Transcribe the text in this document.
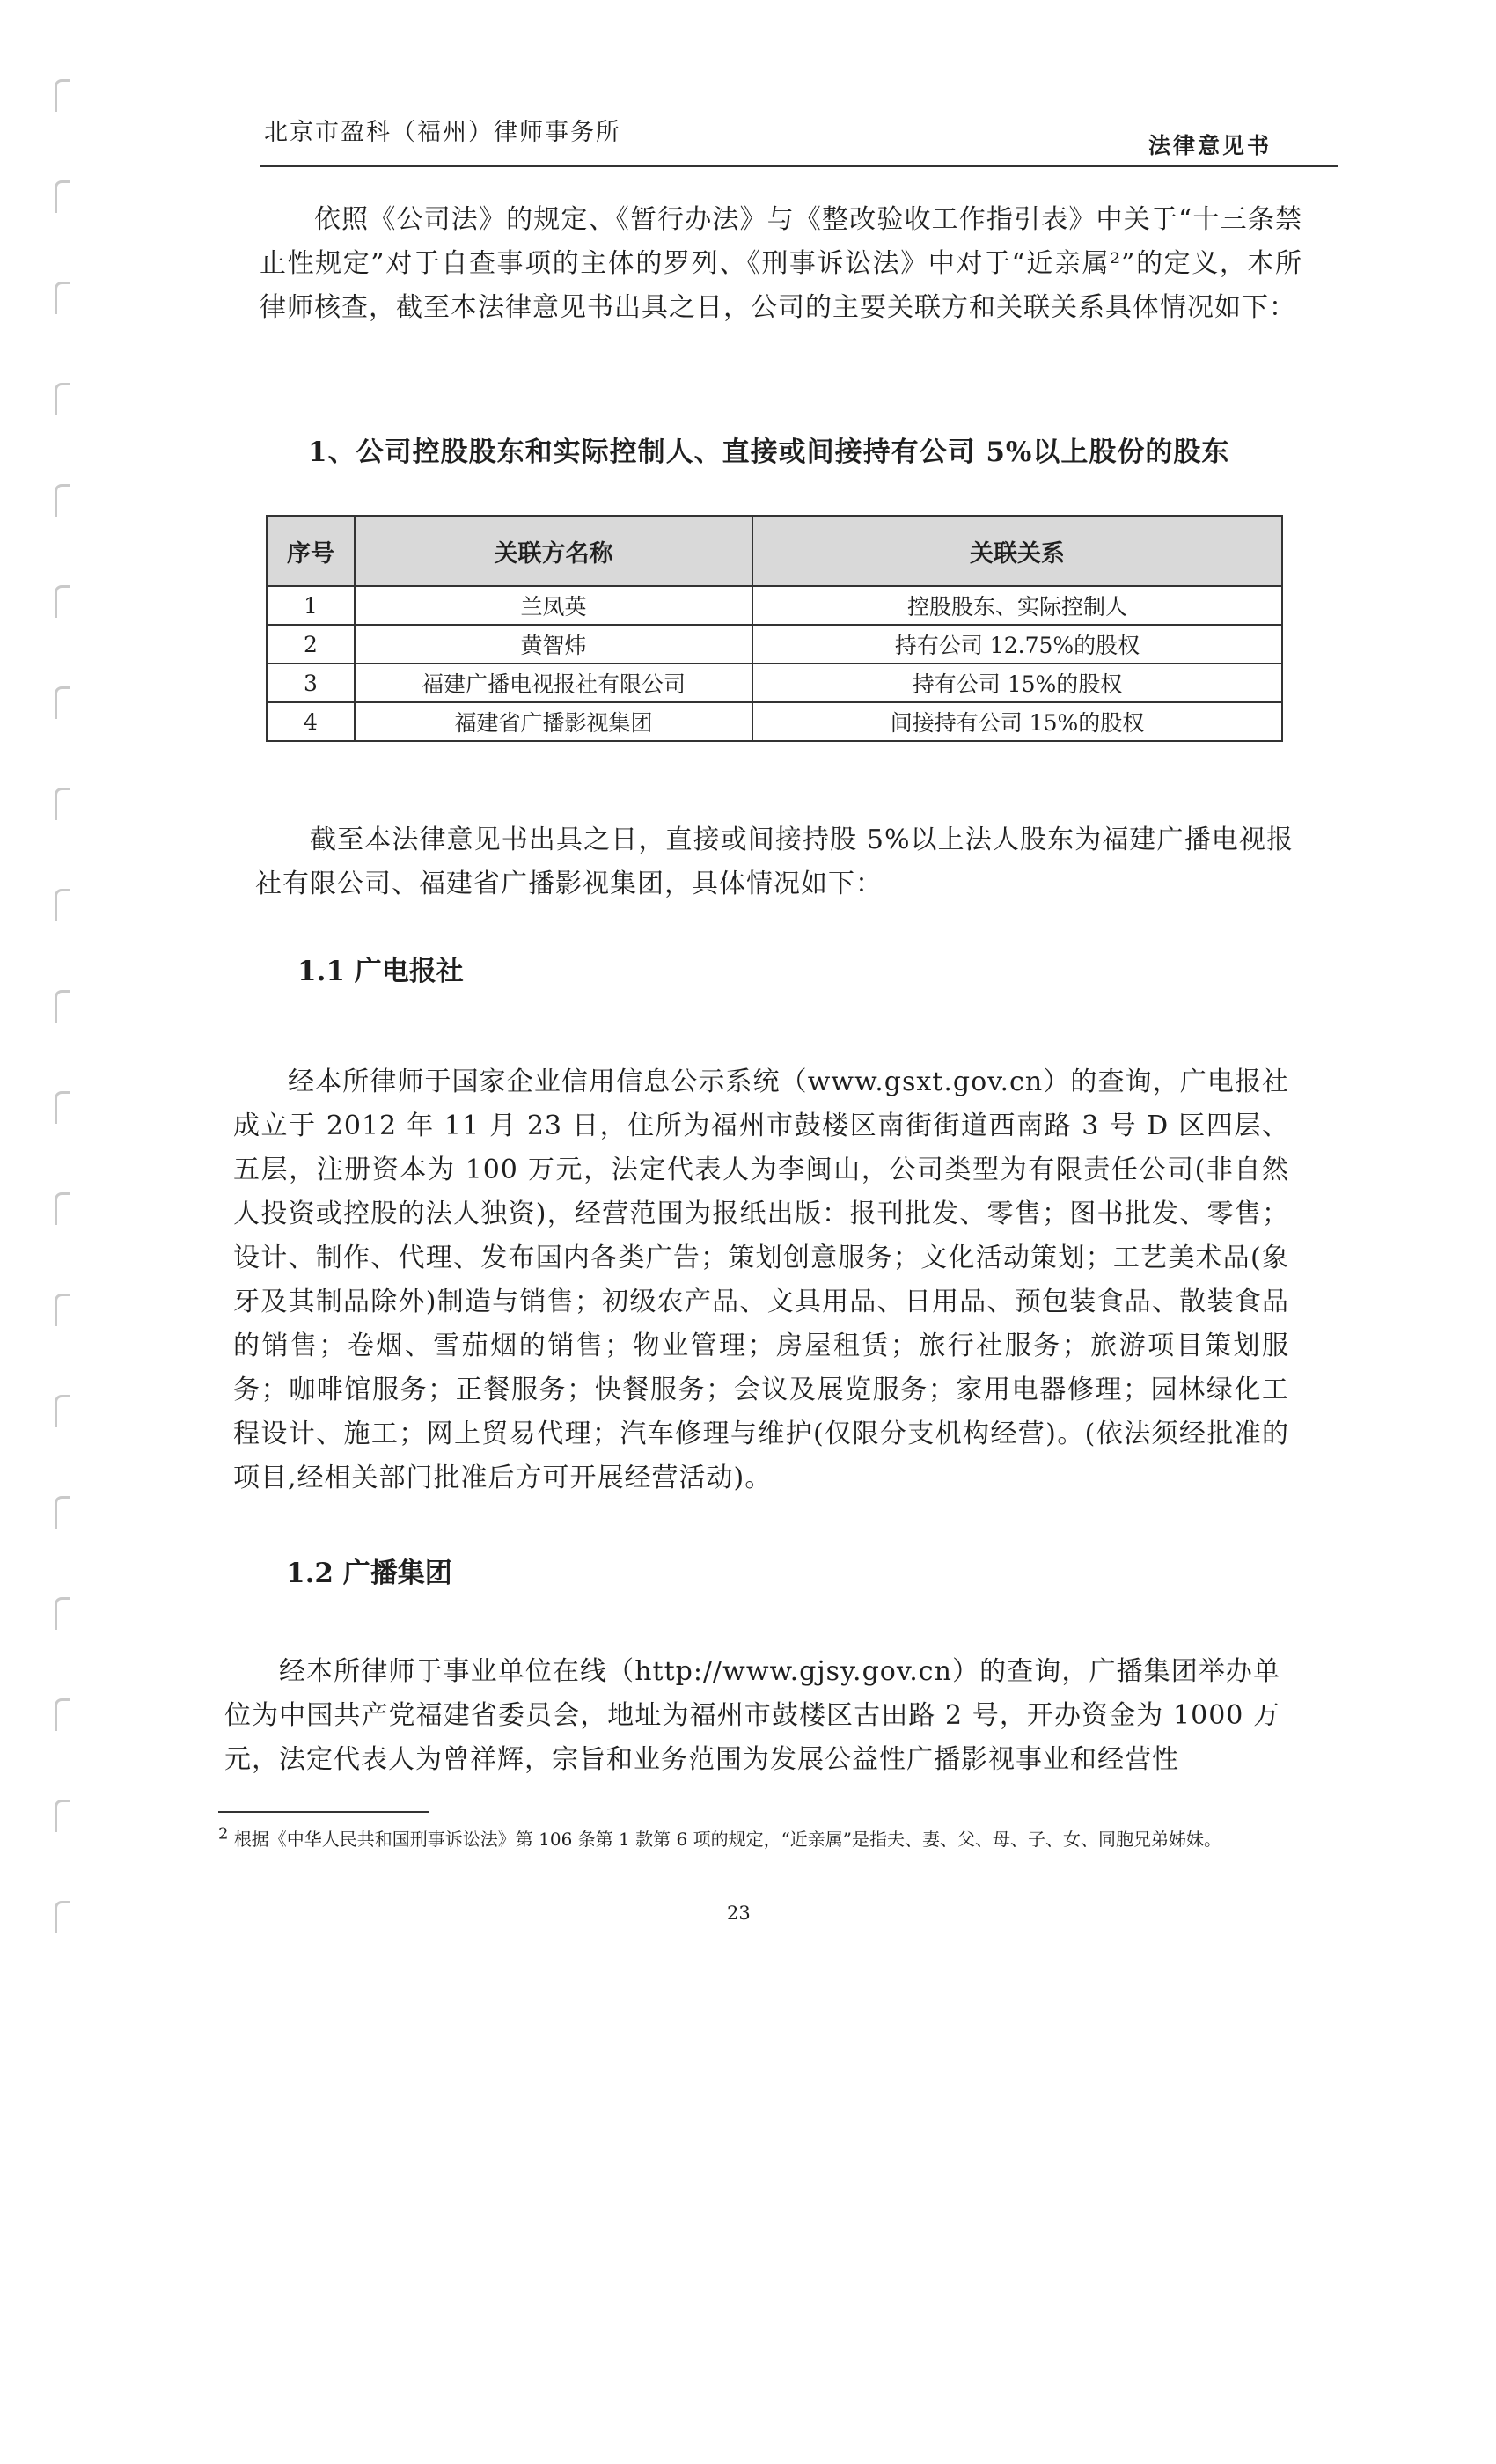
北京市盈科（福州）律师事务所	法律意见书
依照《公司法》的规定、《暂行办法》与《整改验收工作指引表》中关于“十三条禁止性规定”对于自查事项的主体的罗列、《刑事诉讼法》中对于“近亲属²”的定义，本所律师核查，截至本法律意见书出具之日，公司的主要关联方和关联关系具体情况如下：
1、公司控股股东和实际控制人、直接或间接持有公司 5%以上股份的股东
序号	关联方名称	关联关系
1	兰凤英	控股股东、实际控制人
2	黄智炜	持有公司 12.75%的股权
3	福建广播电视报社有限公司	持有公司 15%的股权
4	福建省广播影视集团	间接持有公司 15%的股权
截至本法律意见书出具之日，直接或间接持股 5%以上法人股东为福建广播电视报社有限公司、福建省广播影视集团，具体情况如下：
1.1 广电报社
经本所律师于国家企业信用信息公示系统（www.gsxt.gov.cn）的查询，广电报社成立于 2012 年 11 月 23 日，住所为福州市鼓楼区南街街道西南路 3 号 D 区四层、五层，注册资本为 100 万元，法定代表人为李闽山，公司类型为有限责任公司(非自然人投资或控股的法人独资)，经营范围为报纸出版：报刊批发、零售；图书批发、零售；设计、制作、代理、发布国内各类广告；策划创意服务；文化活动策划；工艺美术品(象牙及其制品除外)制造与销售；初级农产品、文具用品、日用品、预包装食品、散装食品的销售；卷烟、雪茄烟的销售；物业管理；房屋租赁；旅行社服务；旅游项目策划服务；咖啡馆服务；正餐服务；快餐服务；会议及展览服务；家用电器修理；园林绿化工程设计、施工；网上贸易代理；汽车修理与维护(仅限分支机构经营)。(依法须经批准的项目,经相关部门批准后方可开展经营活动)。
1.2 广播集团
经本所律师于事业单位在线（http://www.gjsy.gov.cn）的查询，广播集团举办单位为中国共产党福建省委员会，地址为福州市鼓楼区古田路 2 号，开办资金为 1000 万元，法定代表人为曾祥辉，宗旨和业务范围为发展公益性广播影视事业和经营性
$^2$ 根据《中华人民共和国刑事诉讼法》第 106 条第 1 款第 6 项的规定，“近亲属”是指夫、妻、父、母、子、女、同胞兄弟姊妹。
23
